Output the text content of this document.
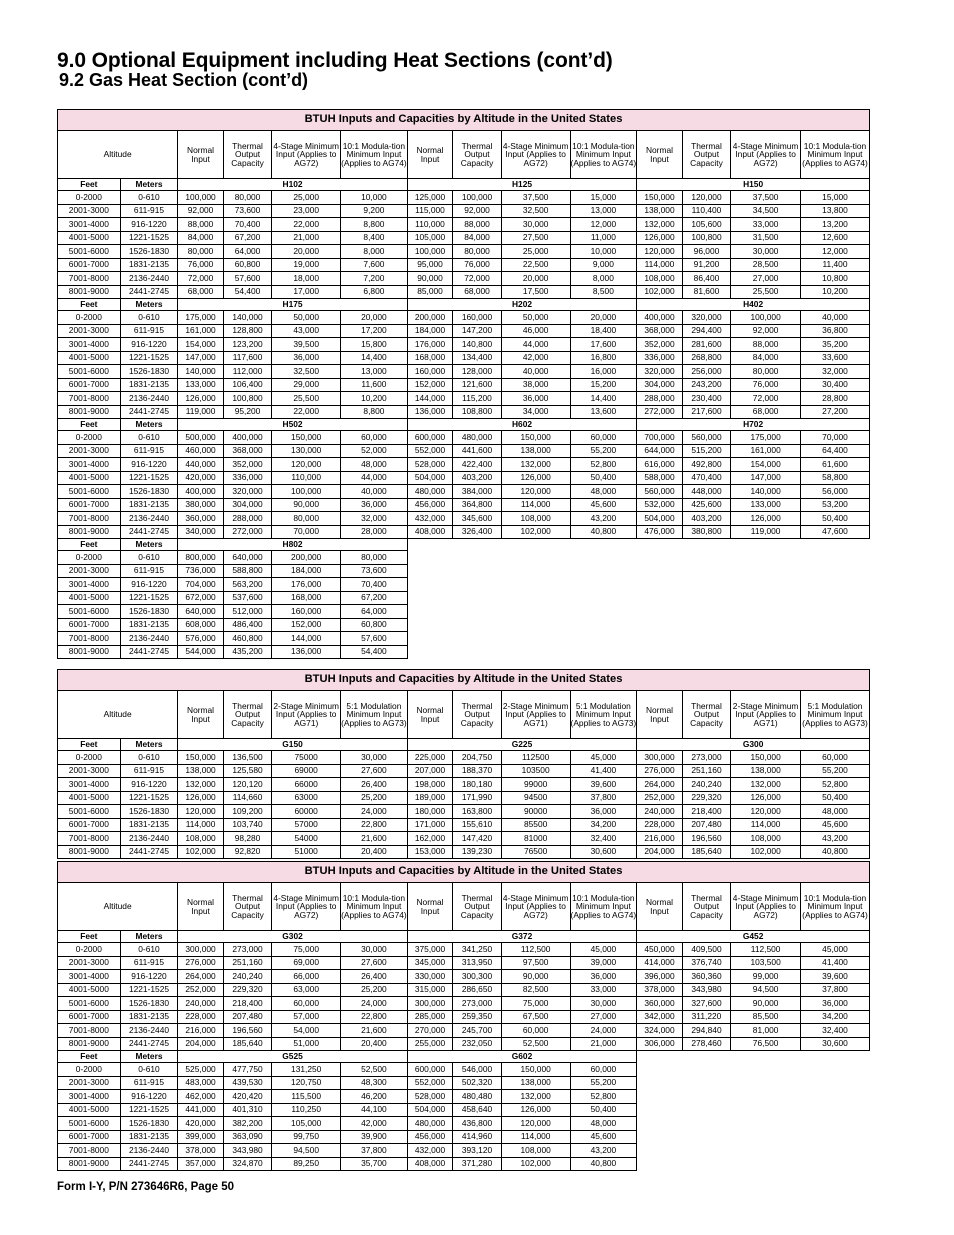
9.0 Optional Equipment including Heat Sections (cont’d)
9.2 Gas Heat Section (cont’d)
BTUH Inputs and Capacities by Altitude in the United States													
Altitude		Normal Input	Thermal Output Capacity	4-Stage Minimum Input (Applies to AG72)	10:1 Modula-tion Minimum Input (Applies to AG74)	Normal Input	Thermal Output Capacity	4-Stage Minimum Input (Applies to AG72)	10:1 Modula-tion Minimum Input (Applies to AG74)	Normal Input	Thermal Output Capacity	4-Stage Minimum Input (Applies to AG72)	10:1 Modula-tion Minimum Input (Applies to AG74)
Feet	Meters	H102				H125				H150			
0-2000	0-610	100,000	80,000	25,000	10,000	125,000	100,000	37,500	15,000	150,000	120,000	37,500	15,000
2001-3000	611-915	92,000	73,600	23,000	9,200	115,000	92,000	32,500	13,000	138,000	110,400	34,500	13,800
3001-4000	916-1220	88,000	70,400	22,000	8,800	110,000	88,000	30,000	12,000	132,000	105,600	33,000	13,200
4001-5000	1221-1525	84,000	67,200	21,000	8,400	105,000	84,000	27,500	11,000	126,000	100,800	31,500	12,600
5001-6000	1526-1830	80,000	64,000	20,000	8,000	100,000	80,000	25,000	10,000	120,000	96,000	30,000	12,000
6001-7000	1831-2135	76,000	60,800	19,000	7,600	95,000	76,000	22,500	9,000	114,000	91,200	28,500	11,400
7001-8000	2136-2440	72,000	57,600	18,000	7,200	90,000	72,000	20,000	8,000	108,000	86,400	27,000	10,800
8001-9000	2441-2745	68,000	54,400	17,000	6,800	85,000	68,000	17,500	8,500	102,000	81,600	25,500	10,200
Feet	Meters	H175				H202				H402			
0-2000	0-610	175,000	140,000	50,000	20,000	200,000	160,000	50,000	20,000	400,000	320,000	100,000	40,000
2001-3000	611-915	161,000	128,800	43,000	17,200	184,000	147,200	46,000	18,400	368,000	294,400	92,000	36,800
3001-4000	916-1220	154,000	123,200	39,500	15,800	176,000	140,800	44,000	17,600	352,000	281,600	88,000	35,200
4001-5000	1221-1525	147,000	117,600	36,000	14,400	168,000	134,400	42,000	16,800	336,000	268,800	84,000	33,600
5001-6000	1526-1830	140,000	112,000	32,500	13,000	160,000	128,000	40,000	16,000	320,000	256,000	80,000	32,000
6001-7000	1831-2135	133,000	106,400	29,000	11,600	152,000	121,600	38,000	15,200	304,000	243,200	76,000	30,400
7001-8000	2136-2440	126,000	100,800	25,500	10,200	144,000	115,200	36,000	14,400	288,000	230,400	72,000	28,800
8001-9000	2441-2745	119,000	95,200	22,000	8,800	136,000	108,800	34,000	13,600	272,000	217,600	68,000	27,200
Feet	Meters	H502				H602				H702			
0-2000	0-610	500,000	400,000	150,000	60,000	600,000	480,000	150,000	60,000	700,000	560,000	175,000	70,000
2001-3000	611-915	460,000	368,000	130,000	52,000	552,000	441,600	138,000	55,200	644,000	515,200	161,000	64,400
3001-4000	916-1220	440,000	352,000	120,000	48,000	528,000	422,400	132,000	52,800	616,000	492,800	154,000	61,600
4001-5000	1221-1525	420,000	336,000	110,000	44,000	504,000	403,200	126,000	50,400	588,000	470,400	147,000	58,800
5001-6000	1526-1830	400,000	320,000	100,000	40,000	480,000	384,000	120,000	48,000	560,000	448,000	140,000	56,000
6001-7000	1831-2135	380,000	304,000	90,000	36,000	456,000	364,800	114,000	45,600	532,000	425,600	133,000	53,200
7001-8000	2136-2440	360,000	288,000	80,000	32,000	432,000	345,600	108,000	43,200	504,000	403,200	126,000	50,400
8001-9000	2441-2745	340,000	272,000	70,000	28,000	408,000	326,400	102,000	40,800	476,000	380,800	119,000	47,600
Feet	Meters	H802											
0-2000	0-610	800,000	640,000	200,000	80,000								
2001-3000	611-915	736,000	588,800	184,000	73,600								
3001-4000	916-1220	704,000	563,200	176,000	70,400								
4001-5000	1221-1525	672,000	537,600	168,000	67,200								
5001-6000	1526-1830	640,000	512,000	160,000	64,000								
6001-7000	1831-2135	608,000	486,400	152,000	60,800								
7001-8000	2136-2440	576,000	460,800	144,000	57,600								
8001-9000	2441-2745	544,000	435,200	136,000	54,400								
BTUH Inputs and Capacities by Altitude in the United States													
Altitude		Normal Input	Thermal Output Capacity	2-Stage Minimum Input (Applies to AG71)	5:1 Modulation Minimum Input (Applies to AG73)	Normal Input	Thermal Output Capacity	2-Stage Minimum Input (Applies to AG71)	5:1 Modulation Minimum Input (Applies to AG73)	Normal Input	Thermal Output Capacity	2-Stage Minimum Input (Applies to AG71)	5:1 Modulation Minimum Input (Applies to AG73)
Feet	Meters	G150				G225				G300			
0-2000	0-610	150,000	136,500	75000	30,000	225,000	204,750	112500	45,000	300,000	273,000	150,000	60,000
2001-3000	611-915	138,000	125,580	69000	27,600	207,000	188,370	103500	41,400	276,000	251,160	138,000	55,200
3001-4000	916-1220	132,000	120,120	66000	26,400	198,000	180,180	99000	39,600	264,000	240,240	132,000	52,800
4001-5000	1221-1525	126,000	114,660	63000	25,200	189,000	171,990	94500	37,800	252,000	229,320	126,000	50,400
5001-6000	1526-1830	120,000	109,200	60000	24,000	180,000	163,800	90000	36,000	240,000	218,400	120,000	48,000
6001-7000	1831-2135	114,000	103,740	57000	22,800	171,000	155,610	85500	34,200	228,000	207,480	114,000	45,600
7001-8000	2136-2440	108,000	98,280	54000	21,600	162,000	147,420	81000	32,400	216,000	196,560	108,000	43,200
8001-9000	2441-2745	102,000	92,820	51000	20,400	153,000	139,230	76500	30,600	204,000	185,640	102,000	40,800
BTUH Inputs and Capacities by Altitude in the United States													
Altitude		Normal Input	Thermal Output Capacity	4-Stage Minimum Input (Applies to AG72)	10:1 Modula-tion Minimum Input (Applies to AG74)	Normal Input	Thermal Output Capacity	4-Stage Minimum Input (Applies to AG72)	10:1 Modula-tion Minimum Input (Applies to AG74)	Normal Input	Thermal Output Capacity	4-Stage Minimum Input (Applies to AG72)	10:1 Modula-tion Minimum Input (Applies to AG74)
Feet	Meters	G302				G372				G452			
0-2000	0-610	300,000	273,000	75,000	30,000	375,000	341,250	112,500	45,000	450,000	409,500	112,500	45,000
2001-3000	611-915	276,000	251,160	69,000	27,600	345,000	313,950	97,500	39,000	414,000	376,740	103,500	41,400
3001-4000	916-1220	264,000	240,240	66,000	26,400	330,000	300,300	90,000	36,000	396,000	360,360	99,000	39,600
4001-5000	1221-1525	252,000	229,320	63,000	25,200	315,000	286,650	82,500	33,000	378,000	343,980	94,500	37,800
5001-6000	1526-1830	240,000	218,400	60,000	24,000	300,000	273,000	75,000	30,000	360,000	327,600	90,000	36,000
6001-7000	1831-2135	228,000	207,480	57,000	22,800	285,000	259,350	67,500	27,000	342,000	311,220	85,500	34,200
7001-8000	2136-2440	216,000	196,560	54,000	21,600	270,000	245,700	60,000	24,000	324,000	294,840	81,000	32,400
8001-9000	2441-2745	204,000	185,640	51,000	20,400	255,000	232,050	52,500	21,000	306,000	278,460	76,500	30,600
Feet	Meters	G525				G602							
0-2000	0-610	525,000	477,750	131,250	52,500	600,000	546,000	150,000	60,000				
2001-3000	611-915	483,000	439,530	120,750	48,300	552,000	502,320	138,000	55,200				
3001-4000	916-1220	462,000	420,420	115,500	46,200	528,000	480,480	132,000	52,800				
4001-5000	1221-1525	441,000	401,310	110,250	44,100	504,000	458,640	126,000	50,400				
5001-6000	1526-1830	420,000	382,200	105,000	42,000	480,000	436,800	120,000	48,000				
6001-7000	1831-2135	399,000	363,090	99,750	39,900	456,000	414,960	114,000	45,600				
7001-8000	2136-2440	378,000	343,980	94,500	37,800	432,000	393,120	108,000	43,200				
8001-9000	2441-2745	357,000	324,870	89,250	35,700	408,000	371,280	102,000	40,800				
Form I-Y, P/N 273646R6, Page 50
